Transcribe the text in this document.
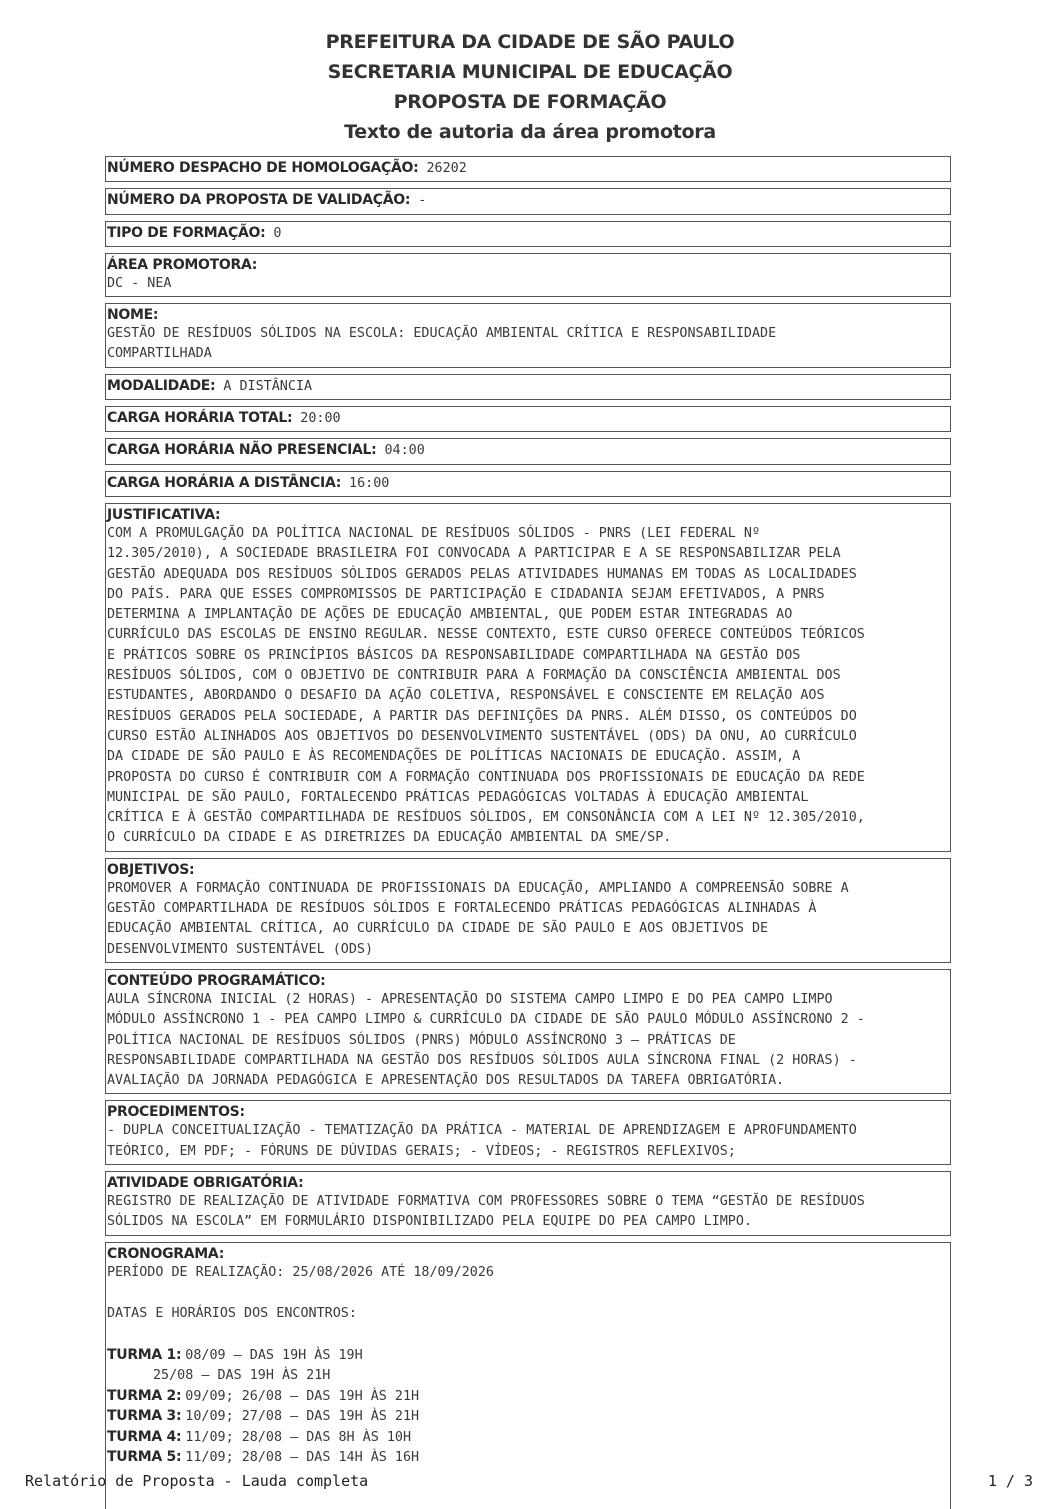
PREFEITURA DA CIDADE DE SÃO PAULO
SECRETARIA MUNICIPAL DE EDUCAÇÃO
PROPOSTA DE FORMAÇÃO
Texto de autoria da área promotora
NÚMERO DESPACHO DE HOMOLOGAÇÃO: 26202
NÚMERO DA PROPOSTA DE VALIDAÇÃO: -
TIPO DE FORMAÇÃO: 0
ÁREA PROMOTORA:
DC - NEA
NOME:
GESTÃO DE RESÍDUOS SÓLIDOS NA ESCOLA: EDUCAÇÃO AMBIENTAL CRÍTICA E RESPONSABILIDADE
COMPARTILHADA
MODALIDADE: A DISTÂNCIA
CARGA HORÁRIA TOTAL: 20:00
CARGA HORÁRIA NÃO PRESENCIAL: 04:00
CARGA HORÁRIA A DISTÂNCIA: 16:00
JUSTIFICATIVA:
COM A PROMULGAÇÃO DA POLÍTICA NACIONAL DE RESÍDUOS SÓLIDOS - PNRS (LEI FEDERAL Nº
12.305/2010), A SOCIEDADE BRASILEIRA FOI CONVOCADA A PARTICIPAR E A SE RESPONSABILIZAR PELA
GESTÃO ADEQUADA DOS RESÍDUOS SÓLIDOS GERADOS PELAS ATIVIDADES HUMANAS EM TODAS AS LOCALIDADES
DO PAÍS. PARA QUE ESSES COMPROMISSOS DE PARTICIPAÇÃO E CIDADANIA SEJAM EFETIVADOS, A PNRS
DETERMINA A IMPLANTAÇÃO DE AÇÕES DE EDUCAÇÃO AMBIENTAL, QUE PODEM ESTAR INTEGRADAS AO
CURRÍCULO DAS ESCOLAS DE ENSINO REGULAR. NESSE CONTEXTO, ESTE CURSO OFERECE CONTEÚDOS TEÓRICOS
E PRÁTICOS SOBRE OS PRINCÍPIOS BÁSICOS DA RESPONSABILIDADE COMPARTILHADA NA GESTÃO DOS
RESÍDUOS SÓLIDOS, COM O OBJETIVO DE CONTRIBUIR PARA A FORMAÇÃO DA CONSCIÊNCIA AMBIENTAL DOS
ESTUDANTES, ABORDANDO O DESAFIO DA AÇÃO COLETIVA, RESPONSÁVEL E CONSCIENTE EM RELAÇÃO AOS
RESÍDUOS GERADOS PELA SOCIEDADE, A PARTIR DAS DEFINIÇÕES DA PNRS. ALÉM DISSO, OS CONTEÚDOS DO
CURSO ESTÃO ALINHADOS AOS OBJETIVOS DO DESENVOLVIMENTO SUSTENTÁVEL (ODS) DA ONU, AO CURRÍCULO
DA CIDADE DE SÃO PAULO E ÀS RECOMENDAÇÕES DE POLÍTICAS NACIONAIS DE EDUCAÇÃO. ASSIM, A
PROPOSTA DO CURSO É CONTRIBUIR COM A FORMAÇÃO CONTINUADA DOS PROFISSIONAIS DE EDUCAÇÃO DA REDE
MUNICIPAL DE SÃO PAULO, FORTALECENDO PRÁTICAS PEDAGÓGICAS VOLTADAS À EDUCAÇÃO AMBIENTAL
CRÍTICA E À GESTÃO COMPARTILHADA DE RESÍDUOS SÓLIDOS, EM CONSONÂNCIA COM A LEI Nº 12.305/2010,
O CURRÍCULO DA CIDADE E AS DIRETRIZES DA EDUCAÇÃO AMBIENTAL DA SME/SP.
OBJETIVOS:
PROMOVER A FORMAÇÃO CONTINUADA DE PROFISSIONAIS DA EDUCAÇÃO, AMPLIANDO A COMPREENSÃO SOBRE A
GESTÃO COMPARTILHADA DE RESÍDUOS SÓLIDOS E FORTALECENDO PRÁTICAS PEDAGÓGICAS ALINHADAS À
EDUCAÇÃO AMBIENTAL CRÍTICA, AO CURRÍCULO DA CIDADE DE SÃO PAULO E AOS OBJETIVOS DE
DESENVOLVIMENTO SUSTENTÁVEL (ODS)
CONTEÚDO PROGRAMÁTICO:
AULA SÍNCRONA INICIAL (2 HORAS) - APRESENTAÇÃO DO SISTEMA CAMPO LIMPO E DO PEA CAMPO LIMPO
MÓDULO ASSÍNCRONO 1 - PEA CAMPO LIMPO & CURRÍCULO DA CIDADE DE SÃO PAULO MÓDULO ASSÍNCRONO 2 -
POLÍTICA NACIONAL DE RESÍDUOS SÓLIDOS (PNRS) MÓDULO ASSÍNCRONO 3 — PRÁTICAS DE
RESPONSABILIDADE COMPARTILHADA NA GESTÃO DOS RESÍDUOS SÓLIDOS AULA SÍNCRONA FINAL (2 HORAS) -
AVALIAÇÃO DA JORNADA PEDAGÓGICA E APRESENTAÇÃO DOS RESULTADOS DA TAREFA OBRIGATÓRIA.
PROCEDIMENTOS:
- DUPLA CONCEITUALIZAÇÃO - TEMATIZAÇÃO DA PRÁTICA - MATERIAL DE APRENDIZAGEM E APROFUNDAMENTO
TEÓRICO, EM PDF; - FÓRUNS DE DÚVIDAS GERAIS; - VÍDEOS; - REGISTROS REFLEXIVOS;
ATIVIDADE OBRIGATÓRIA:
REGISTRO DE REALIZAÇÃO DE ATIVIDADE FORMATIVA COM PROFESSORES SOBRE O TEMA “GESTÃO DE RESÍDUOS
SÓLIDOS NA ESCOLA” EM FORMULÁRIO DISPONIBILIZADO PELA EQUIPE DO PEA CAMPO LIMPO.
CRONOGRAMA:
PERÍODO DE REALIZAÇÃO: 25/08/2026 ATÉ 18/09/2026
DATAS E HORÁRIOS DOS ENCONTROS:
TURMA 1: 08/09 — DAS 19H ÀS 19H
25/08 — DAS 19H ÀS 21H
TURMA 2: 09/09; 26/08 — DAS 19H ÀS 21H
TURMA 3: 10/09; 27/08 — DAS 19H ÀS 21H
TURMA 4: 11/09; 28/08 — DAS 8H ÀS 10H
TURMA 5: 11/09; 28/08 — DAS 14H ÀS 16H
Relatório de Proposta - Lauda completa	1 / 3
